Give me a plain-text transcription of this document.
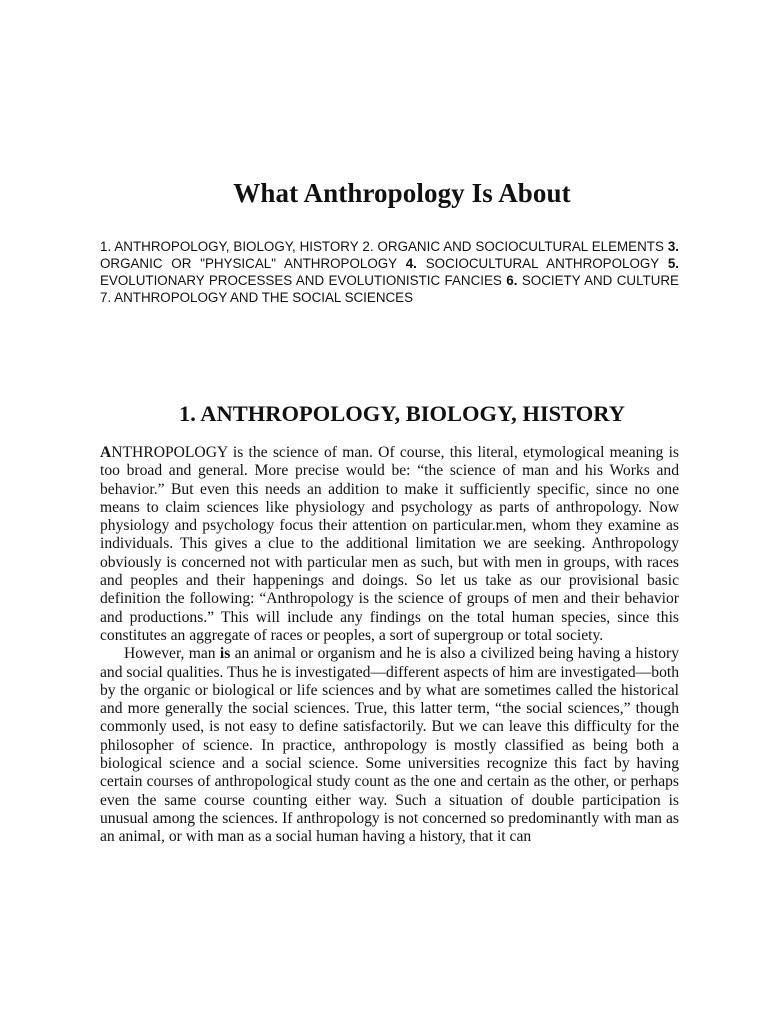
What Anthropology Is About

1. ANTHROPOLOGY, BIOLOGY, HISTORY 2. ORGANIC AND SOCIOCULTURAL ELEMENTS 3. ORGANIC OR "PHYSICAL" ANTHROPOLOGY 4. SOCIOCULTURAL ANTHROPOLOGY 5. EVOLUTIONARY PROCESSES AND EVOLUTIONISTIC FANCIES 6. SOCIETY AND CULTURE 7. ANTHROPOLOGY AND THE SOCIAL SCIENCES

1. ANTHROPOLOGY, BIOLOGY, HISTORY

ANTHROPOLOGY is the science of man. Of course, this literal, etymological meaning is too broad and general. More precise would be: “the science of man and his Works and behavior.” But even this needs an addition to make it sufficiently specific, since no one means to claim sciences like physiology and psychology as parts of anthropology. Now physiology and psychology focus their attention on particular.men, whom they examine as individuals. This gives a clue to the additional limitation we are seeking. Anthropology obviously is concerned not with particular men as such, but with men in groups, with races and peoples and their happenings and doings. So let us take as our provisional basic definition the following: “Anthropology is the science of groups of men and their behavior and productions.” This will include any findings on the total human species, since this constitutes an aggregate of races or peoples, a sort of supergroup or total society.

However, man is an animal or organism and he is also a civilized being having a history and social qualities. Thus he is investigated—different aspects of him are investigated—both by the organic or biological or life sciences and by what are sometimes called the historical and more generally the social sciences. True, this latter term, “the social sciences,” though commonly used, is not easy to define satisfactorily. But we can leave this difficulty for the philosopher of science. In practice, anthropology is mostly classified as being both a biological science and a social science. Some universities recognize this fact by having certain courses of anthropological study count as the one and certain as the other, or perhaps even the same course counting either way. Such a situation of double participation is unusual among the sciences. If anthropology is not concerned so predominantly with man as an animal, or with man as a social human having a history, that it can
